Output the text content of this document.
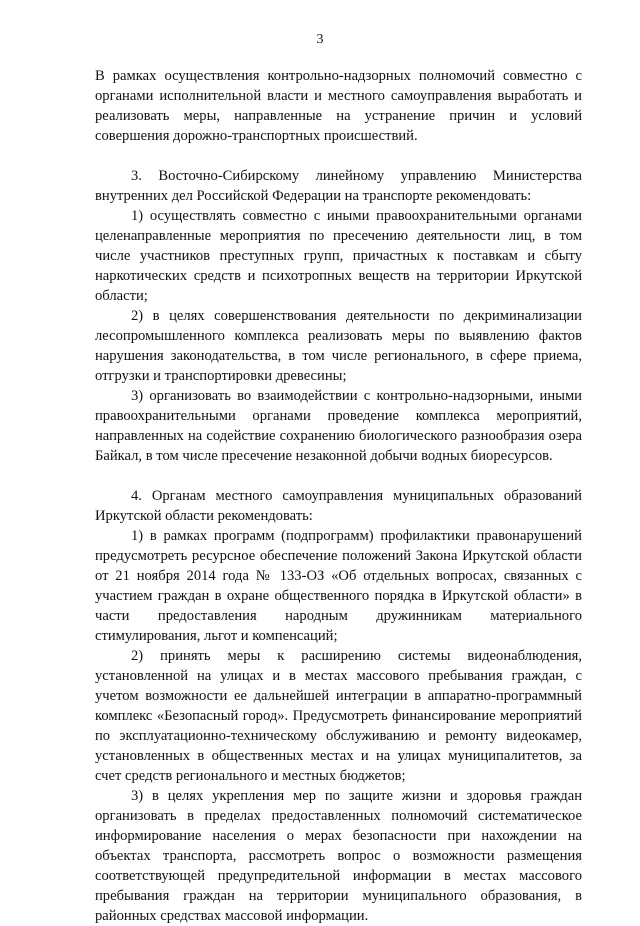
3

В рамках осуществления контрольно-надзорных полномочий совместно с органами исполнительной власти и местного самоуправления выработать и реализовать меры, направленные на устранение причин и условий совершения дорожно-транспортных происшествий.

3. Восточно-Сибирскому линейному управлению Министерства внутренних дел Российской Федерации на транспорте рекомендовать:

1) осуществлять совместно с иными правоохранительными органами целенаправленные мероприятия по пресечению деятельности лиц, в том числе участников преступных групп, причастных к поставкам и сбыту наркотических средств и психотропных веществ на территории Иркутской области;

2) в целях совершенствования деятельности по декриминализации лесопромышленного комплекса реализовать меры по выявлению фактов нарушения законодательства, в том числе регионального, в сфере приема, отгрузки и транспортировки древесины;

3) организовать во взаимодействии с контрольно-надзорными, иными правоохранительными органами проведение комплекса мероприятий, направленных на содействие сохранению биологического разнообразия озера Байкал, в том числе пресечение незаконной добычи водных биоресурсов.

4. Органам местного самоуправления муниципальных образований Иркутской области рекомендовать:

1) в рамках программ (подпрограмм) профилактики правонарушений предусмотреть ресурсное обеспечение положений Закона Иркутской области от 21 ноября 2014 года № 133-ОЗ «Об отдельных вопросах, связанных с участием граждан в охране общественного порядка в Иркутской области» в части предоставления народным дружинникам материального стимулирования, льгот и компенсаций;

2) принять меры к расширению системы видеонаблюдения, установленной на улицах и в местах массового пребывания граждан, с учетом возможности ее дальнейшей интеграции в аппаратно-программный комплекс «Безопасный город». Предусмотреть финансирование мероприятий по эксплуатационно-техническому обслуживанию и ремонту видеокамер, установленных в общественных местах и на улицах муниципалитетов, за счет средств регионального и местных бюджетов;

3) в целях укрепления мер по защите жизни и здоровья граждан организовать в пределах предоставленных полномочий систематическое информирование населения о мерах безопасности при нахождении на объектах транспорта, рассмотреть вопрос о возможности размещения соответствующей предупредительной информации в местах массового пребывания граждан на территории муниципального образования, в районных средствах массовой информации.
